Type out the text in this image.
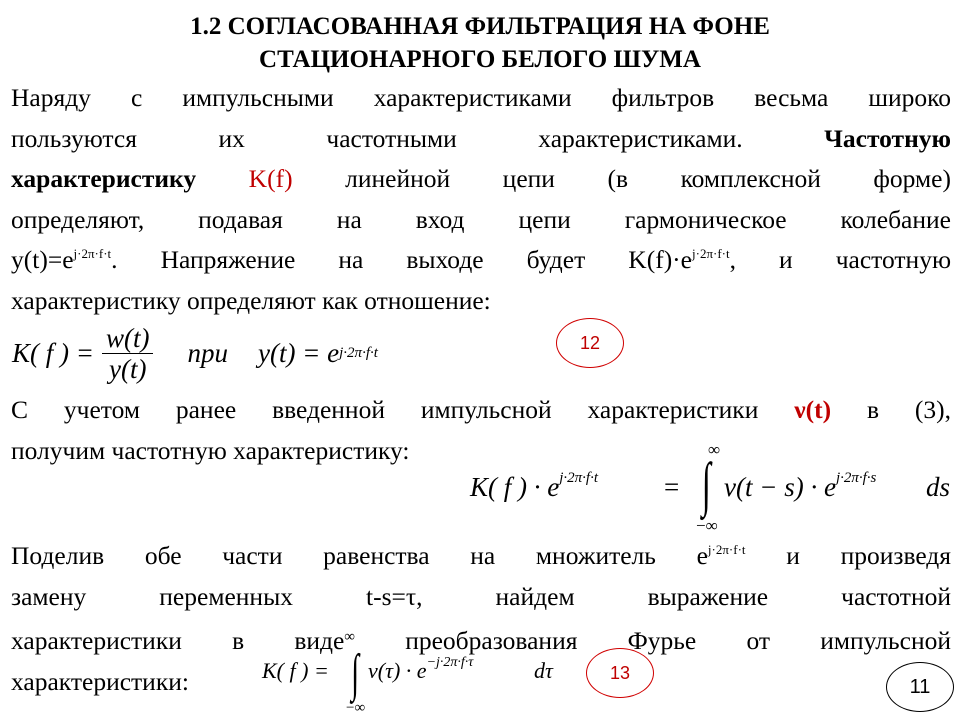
1.2 СОГЛАСОВАННАЯ ФИЛЬТРАЦИЯ НА ФОНЕ
СТАЦИОНАРНОГО БЕЛОГО ШУМА
Наряду с импульсными характеристиками фильтров весьма широко
пользуются их частотными характеристиками.	Частотную
характеристику K(f) линейной цепи (в комплексной форме)
определяют, подавая на вход цепи гармоническое колебание
$y(t)=e^{j\cdot 2\pi\cdot f\cdot t}$. Напряжение на выходе будет $K(f)\cdot e^{j\cdot 2\pi\cdot f\cdot t}$, и частотную
характеристику определяют как отношение:
K( f ) = $\frac{w(t)}{y(t)}$ при y(t) = e j·2π·f·t	12
С учетом ранее введенной импульсной характеристики ν(t) в (3),
получим частотную характеристику:
K( f ) · $e^{j\cdot 2\pi\cdot f\cdot t}$ =
∞
∫
−∞
$\nu(t - s) \cdot e^{j\cdot 2\pi\cdot f\cdot s}$ ds
Поделив обе части равенства на множитель $e^{j\cdot 2\pi\cdot f\cdot t}$ и произведя
замену переменных t-s=τ, найдем выражение частотной
характеристики в виде∞ преобразования Фурье от импульсной
характеристики:	K( f ) = ∫
−∞
$\nu(\tau) \cdot e^{-j\cdot 2\pi\cdot f\cdot\tau}$	dτ	13
11
